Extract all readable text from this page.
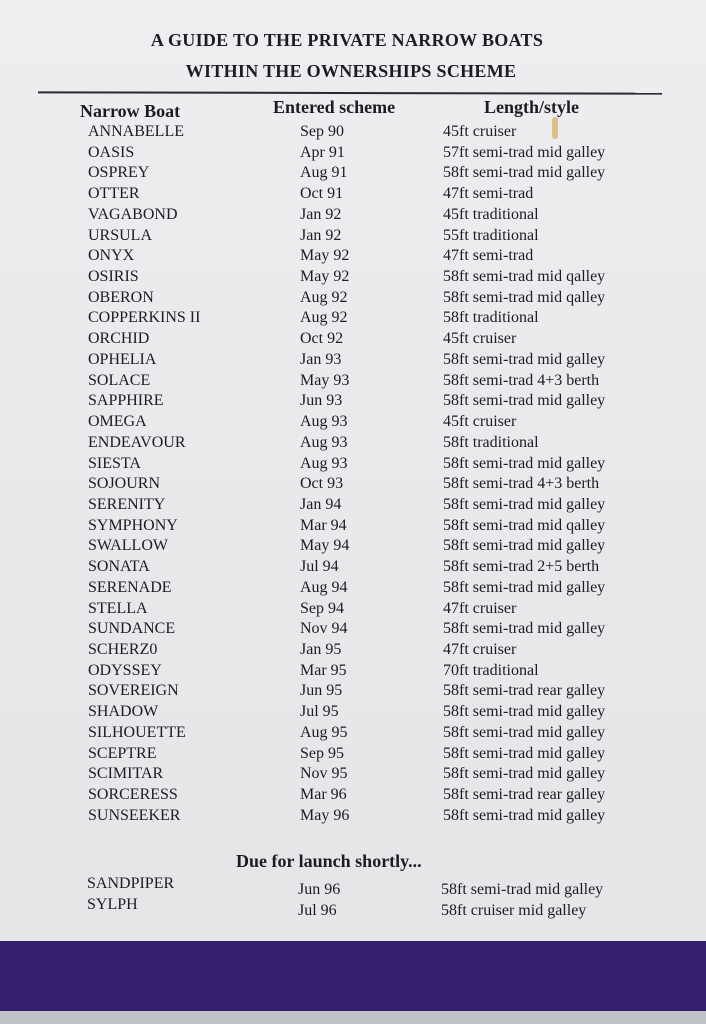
A GUIDE TO THE PRIVATE NARROW BOATS
WITHIN THE OWNERSHIPS SCHEME
Narrow Boat	Entered scheme	Length/style
ANNABELLE	Sep 90	45ft cruiser
OASIS	Apr 91	57ft semi-trad mid galley
OSPREY	Aug 91	58ft semi-trad mid galley
OTTER	Oct 91	47ft semi-trad
VAGABOND	Jan 92	45ft traditional
URSULA	Jan 92	55ft traditional
ONYX	May 92	47ft semi-trad
OSIRIS	May 92	58ft semi-trad mid qalley
OBERON	Aug 92	58ft semi-trad mid qalley
COPPERKINS II	Aug 92	58ft traditional
ORCHID	Oct 92	45ft cruiser
OPHELIA	Jan 93	58ft semi-trad mid galley
SOLACE	May 93	58ft semi-trad 4+3 berth
SAPPHIRE	Jun 93	58ft semi-trad mid galley
OMEGA	Aug 93	45ft cruiser
ENDEAVOUR	Aug 93	58ft traditional
SIESTA	Aug 93	58ft semi-trad mid galley
SOJOURN	Oct 93	58ft semi-trad 4+3 berth
SERENITY	Jan 94	58ft semi-trad mid galley
SYMPHONY	Mar 94	58ft semi-trad mid qalley
SWALLOW	May 94	58ft semi-trad mid galley
SONATA	Jul 94	58ft semi-trad 2+5 berth
SERENADE	Aug 94	58ft semi-trad mid galley
STELLA	Sep 94	47ft cruiser
SUNDANCE	Nov 94	58ft semi-trad mid galley
SCHERZ0	Jan 95	47ft cruiser
ODYSSEY	Mar 95	70ft traditional
SOVEREIGN	Jun 95	58ft semi-trad rear galley
SHADOW	Jul 95	58ft semi-trad mid galley
SILHOUETTE	Aug 95	58ft semi-trad mid galley
SCEPTRE	Sep 95	58ft semi-trad mid galley
SCIMITAR	Nov 95	58ft semi-trad mid galley
SORCERESS	Mar 96	58ft semi-trad rear galley
SUNSEEKER	May 96	58ft semi-trad mid galley
Due for launch shortly...
SANDPIPER	Jun 96	58ft semi-trad mid galley
SYLPH	Jul 96	58ft cruiser mid galley
